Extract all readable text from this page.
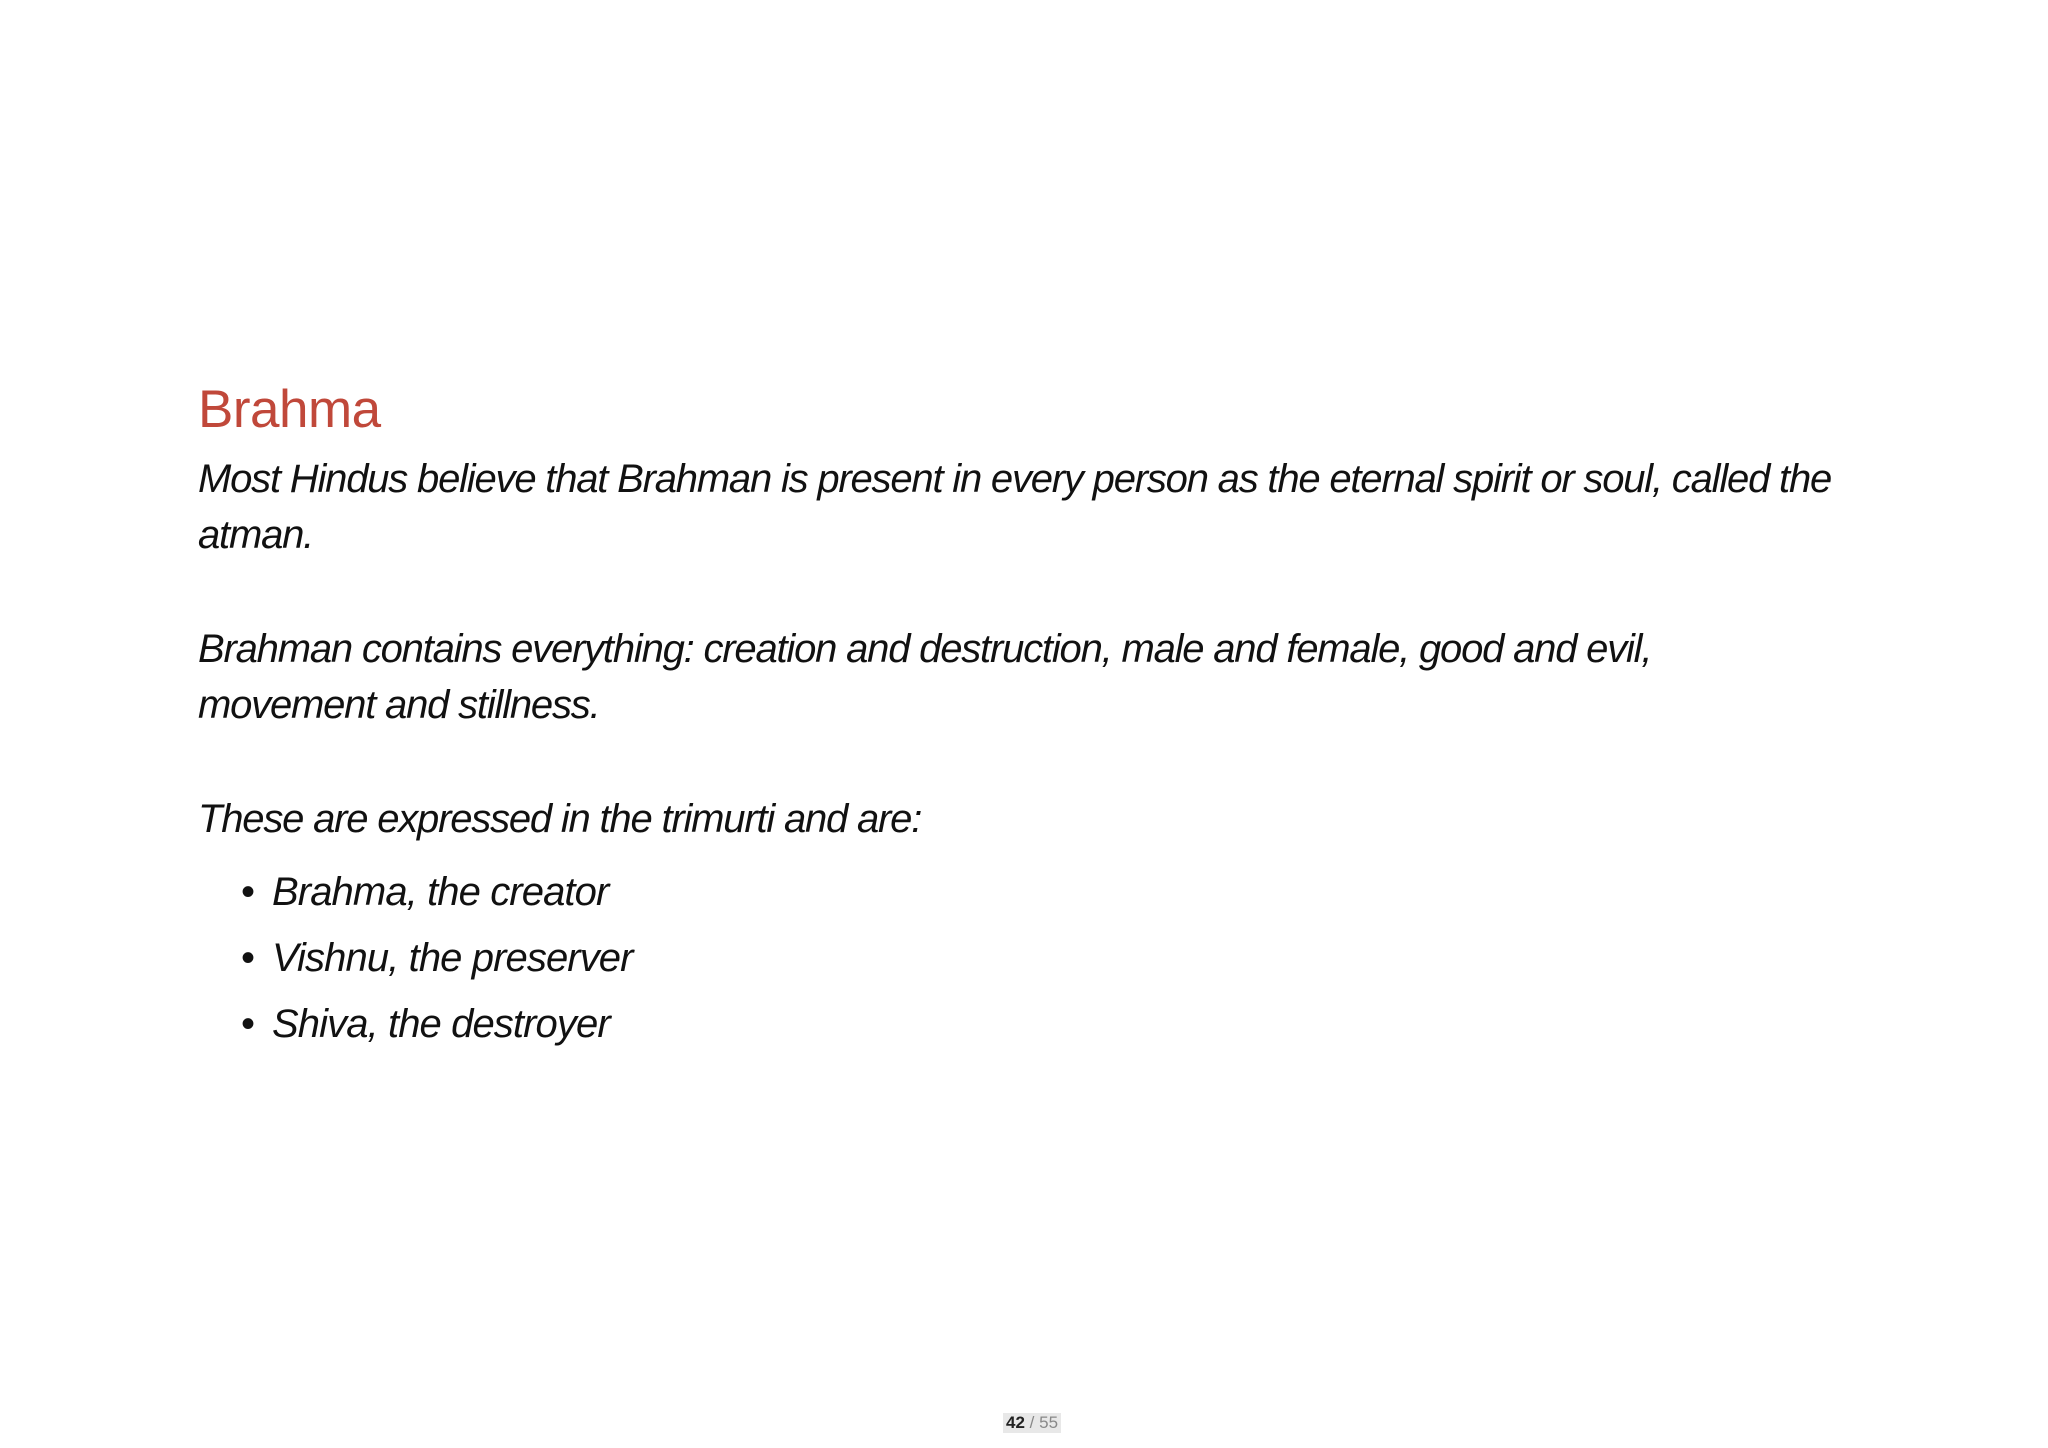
Brahma

Most Hindus believe that Brahman is present in every person as the eternal spirit or soul, called the atman.

Brahman contains everything: creation and destruction, male and female, good and evil, movement and stillness.

These are expressed in the trimurti and are:

• Brahma, the creator
• Vishnu, the preserver
• Shiva, the destroyer
42 / 55
